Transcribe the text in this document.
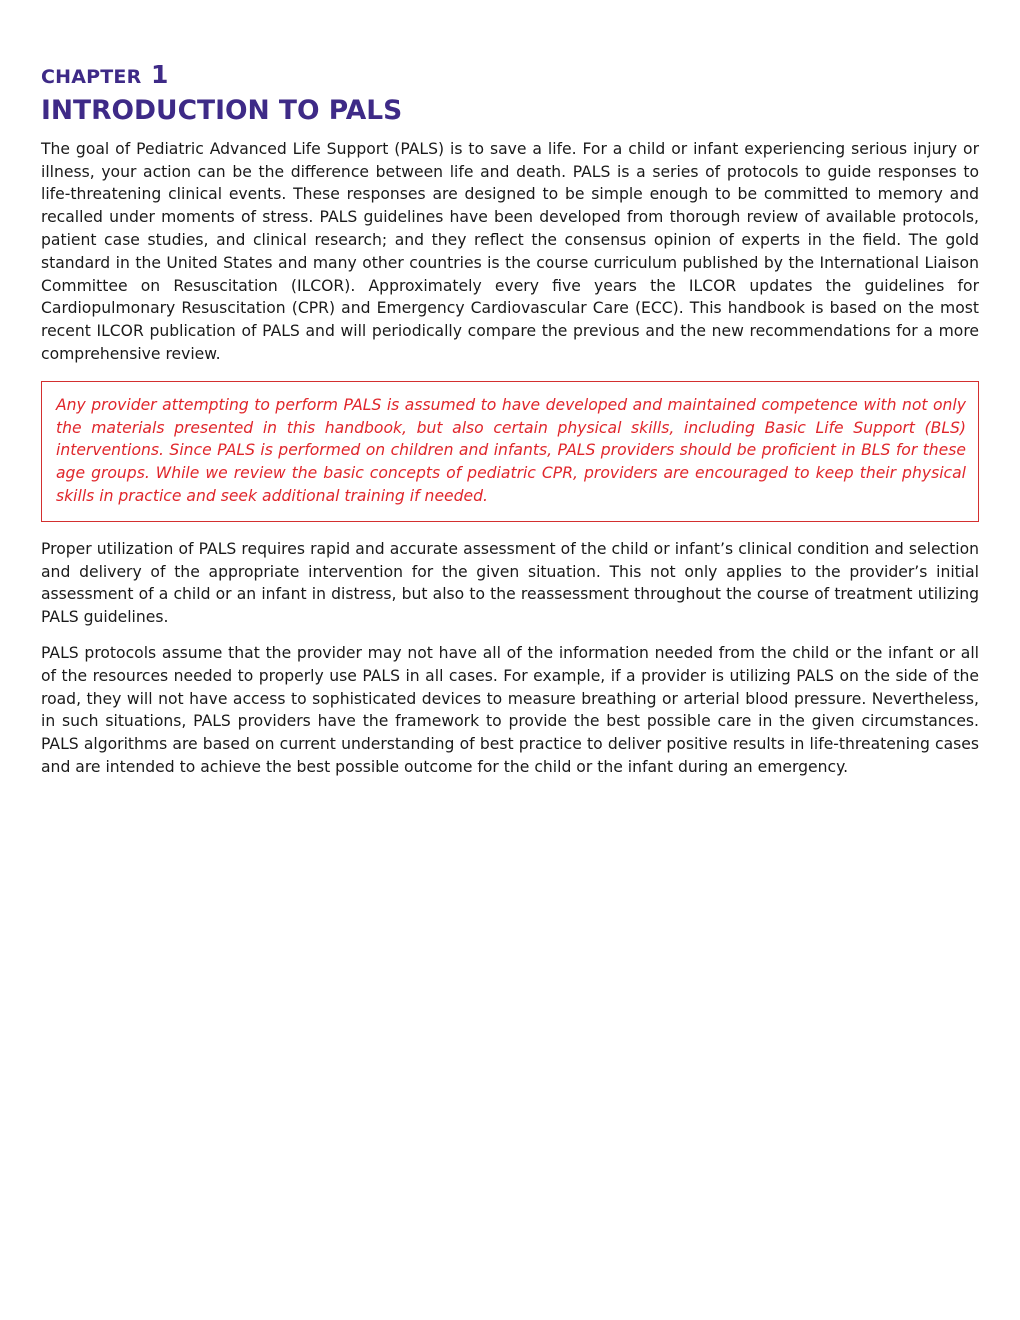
CHAPTER 1

INTRODUCTION TO PALS

The goal of Pediatric Advanced Life Support (PALS) is to save a life. For a child or infant experiencing serious injury or illness, your action can be the difference between life and death. PALS is a series of protocols to guide responses to life-threatening clinical events. These responses are designed to be simple enough to be committed to memory and recalled under moments of stress. PALS guidelines have been developed from thorough review of available protocols, patient case studies, and clinical research; and they reflect the consensus opinion of experts in the field. The gold standard in the United States and many other countries is the course curriculum published by the International Liaison Committee on Resuscitation (ILCOR). Approximately every five years the ILCOR updates the guidelines for Cardiopulmonary Resuscitation (CPR) and Emergency Cardiovascular Care (ECC). This handbook is based on the most recent ILCOR publication of PALS and will periodically compare the previous and the new recommendations for a more comprehensive review.

Any provider attempting to perform PALS is assumed to have developed and maintained competence with not only the materials presented in this handbook, but also certain physical skills, including Basic Life Support (BLS) interventions. Since PALS is performed on children and infants, PALS providers should be proficient in BLS for these age groups. While we review the basic concepts of pediatric CPR, providers are encouraged to keep their physical skills in practice and seek additional training if needed.

Proper utilization of PALS requires rapid and accurate assessment of the child or infant’s clinical condition and selection and delivery of the appropriate intervention for the given situation. This not only applies to the provider’s initial assessment of a child or an infant in distress, but also to the reassessment throughout the course of treatment utilizing PALS guidelines.

PALS protocols assume that the provider may not have all of the information needed from the child or the infant or all of the resources needed to properly use PALS in all cases. For example, if a provider is utilizing PALS on the side of the road, they will not have access to sophisticated devices to measure breathing or arterial blood pressure. Nevertheless, in such situations, PALS providers have the framework to provide the best possible care in the given circumstances. PALS algorithms are based on current understanding of best practice to deliver positive results in life-threatening cases and are intended to achieve the best possible outcome for the child or the infant during an emergency.
